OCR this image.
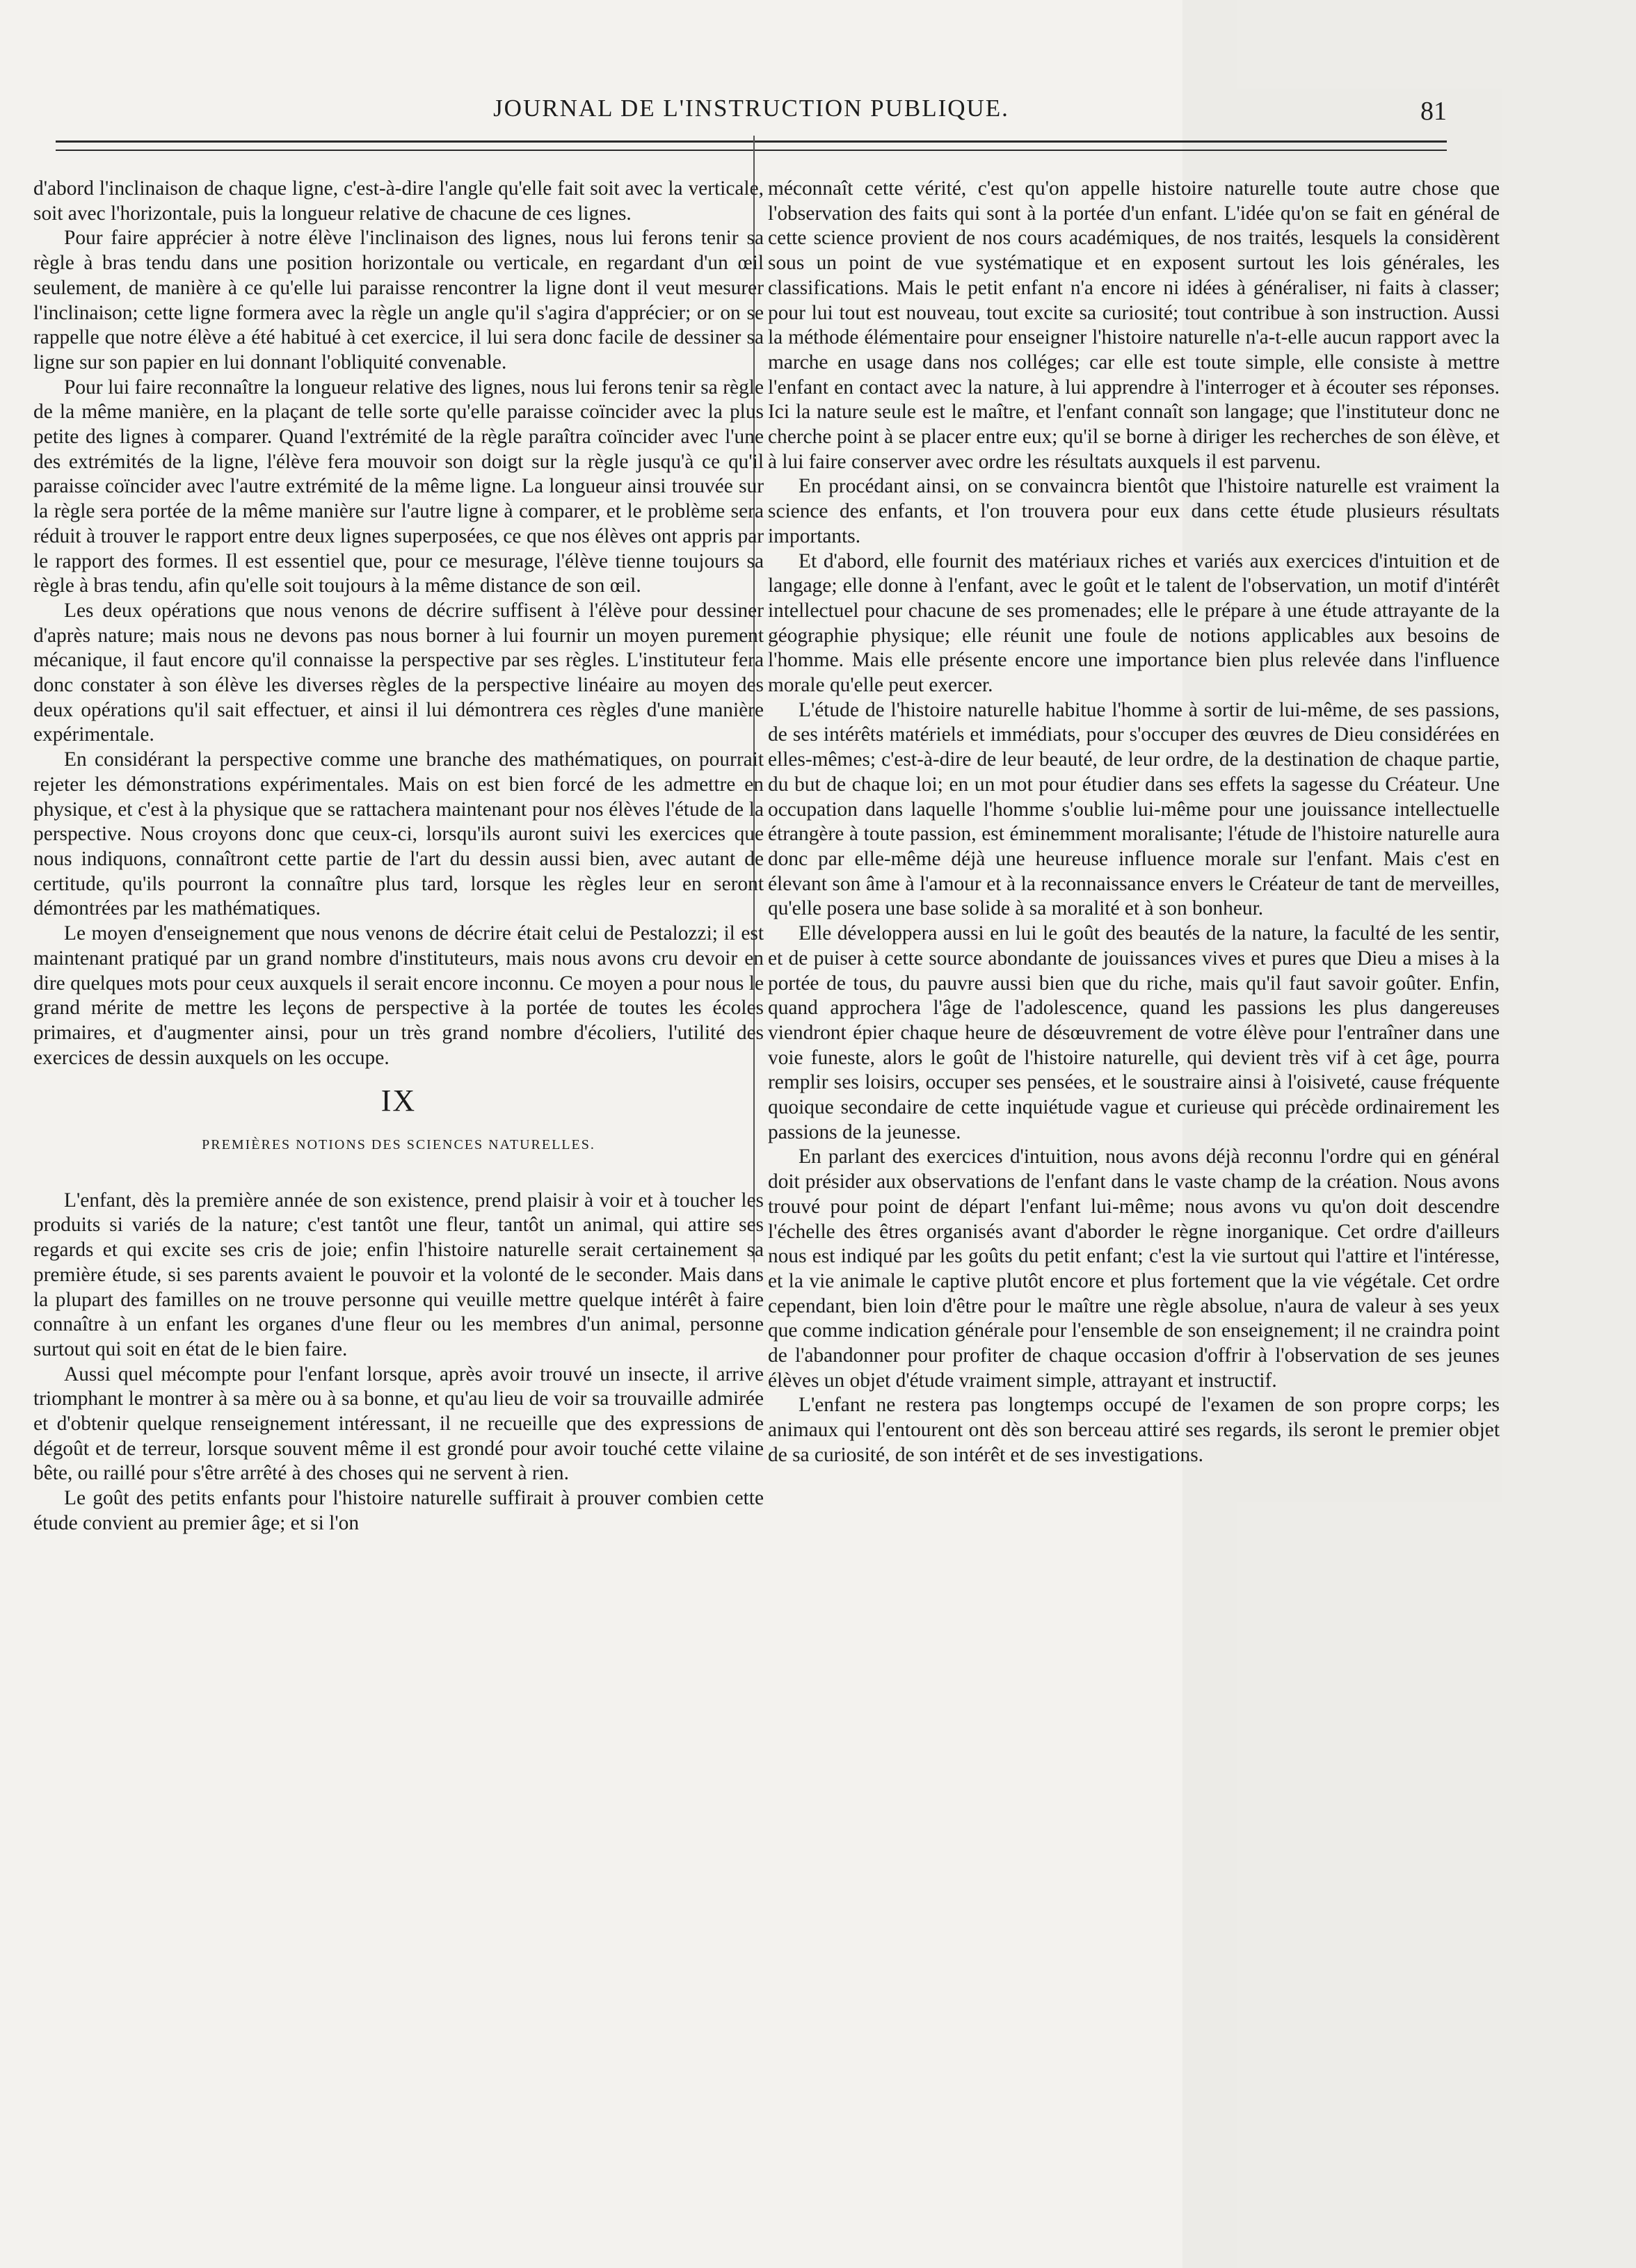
JOURNAL DE L'INSTRUCTION PUBLIQUE.	81

d'abord l'inclinaison de chaque ligne, c'est-à-dire l'angle qu'elle fait soit avec la verticale, soit avec l'horizontale, puis la longueur relative de chacune de ces lignes.

Pour faire apprécier à notre élève l'inclinaison des lignes, nous lui ferons tenir sa règle à bras tendu dans une position horizontale ou verticale, en regardant d'un œil seulement, de manière à ce qu'elle lui paraisse rencontrer la ligne dont il veut mesurer l'inclinaison; cette ligne formera avec la règle un angle qu'il s'agira d'apprécier; or on se rappelle que notre élève a été habitué à cet exercice, il lui sera donc facile de dessiner sa ligne sur son papier en lui donnant l'obliquité convenable.

Pour lui faire reconnaître la longueur relative des lignes, nous lui ferons tenir sa règle de la même manière, en la plaçant de telle sorte qu'elle paraisse coïncider avec la plus petite des lignes à comparer. Quand l'extrémité de la règle paraîtra coïncider avec l'une des extrémités de la ligne, l'élève fera mouvoir son doigt sur la règle jusqu'à ce qu'il paraisse coïncider avec l'autre extrémité de la même ligne. La longueur ainsi trouvée sur la règle sera portée de la même manière sur l'autre ligne à comparer, et le problème sera réduit à trouver le rapport entre deux lignes superposées, ce que nos élèves ont appris par le rapport des formes. Il est essentiel que, pour ce mesurage, l'élève tienne toujours sa règle à bras tendu, afin qu'elle soit toujours à la même distance de son œil.

Les deux opérations que nous venons de décrire suffisent à l'élève pour dessiner d'après nature; mais nous ne devons pas nous borner à lui fournir un moyen purement mécanique, il faut encore qu'il connaisse la perspective par ses règles. L'instituteur fera donc constater à son élève les diverses règles de la perspective linéaire au moyen des deux opérations qu'il sait effectuer, et ainsi il lui démontrera ces règles d'une manière expérimentale.

En considérant la perspective comme une branche des mathématiques, on pourrait rejeter les démonstrations expérimentales. Mais on est bien forcé de les admettre en physique, et c'est à la physique que se rattachera maintenant pour nos élèves l'étude de la perspective. Nous croyons donc que ceux-ci, lorsqu'ils auront suivi les exercices que nous indiquons, connaîtront cette partie de l'art du dessin aussi bien, avec autant de certitude, qu'ils pourront la connaître plus tard, lorsque les règles leur en seront démontrées par les mathématiques.

Le moyen d'enseignement que nous venons de décrire était celui de Pestalozzi; il est maintenant pratiqué par un grand nombre d'instituteurs, mais nous avons cru devoir en dire quelques mots pour ceux auxquels il serait encore inconnu. Ce moyen a pour nous le grand mérite de mettre les leçons de perspective à la portée de toutes les écoles primaires, et d'augmenter ainsi, pour un très grand nombre d'écoliers, l'utilité des exercices de dessin auxquels on les occupe.

IX
PREMIÈRES NOTIONS DES SCIENCES NATURELLES.

L'enfant, dès la première année de son existence, prend plaisir à voir et à toucher les produits si variés de la nature; c'est tantôt une fleur, tantôt un animal, qui attire ses regards et qui excite ses cris de joie; enfin l'histoire naturelle serait certainement sa première étude, si ses parents avaient le pouvoir et la volonté de le seconder. Mais dans la plupart des familles on ne trouve personne qui veuille mettre quelque intérêt à faire connaître à un enfant les organes d'une fleur ou les membres d'un animal, personne surtout qui soit en état de le bien faire.

Aussi quel mécompte pour l'enfant lorsque, après avoir trouvé un insecte, il arrive triomphant le montrer à sa mère ou à sa bonne, et qu'au lieu de voir sa trouvaille admirée et d'obtenir quelque renseignement intéressant, il ne recueille que des expressions de dégoût et de terreur, lorsque souvent même il est grondé pour avoir touché cette vilaine bête, ou raillé pour s'être arrêté à des choses qui ne servent à rien.

Le goût des petits enfants pour l'histoire naturelle suffirait à prouver combien cette étude convient au premier âge; et si l'on

méconnaît cette vérité, c'est qu'on appelle histoire naturelle toute autre chose que l'observation des faits qui sont à la portée d'un enfant. L'idée qu'on se fait en général de cette science provient de nos cours académiques, de nos traités, lesquels la considèrent sous un point de vue systématique et en exposent surtout les lois générales, les classifications. Mais le petit enfant n'a encore ni idées à généraliser, ni faits à classer; pour lui tout est nouveau, tout excite sa curiosité; tout contribue à son instruction. Aussi la méthode élémentaire pour enseigner l'histoire naturelle n'a-t-elle aucun rapport avec la marche en usage dans nos colléges; car elle est toute simple, elle consiste à mettre l'enfant en contact avec la nature, à lui apprendre à l'interroger et à écouter ses réponses. Ici la nature seule est le maître, et l'enfant connaît son langage; que l'instituteur donc ne cherche point à se placer entre eux; qu'il se borne à diriger les recherches de son élève, et à lui faire conserver avec ordre les résultats auxquels il est parvenu.

En procédant ainsi, on se convaincra bientôt que l'histoire naturelle est vraiment la science des enfants, et l'on trouvera pour eux dans cette étude plusieurs résultats importants.

Et d'abord, elle fournit des matériaux riches et variés aux exercices d'intuition et de langage; elle donne à l'enfant, avec le goût et le talent de l'observation, un motif d'intérêt intellectuel pour chacune de ses promenades; elle le prépare à une étude attrayante de la géographie physique; elle réunit une foule de notions applicables aux besoins de l'homme. Mais elle présente encore une importance bien plus relevée dans l'influence morale qu'elle peut exercer.

L'étude de l'histoire naturelle habitue l'homme à sortir de lui-même, de ses passions, de ses intérêts matériels et immédiats, pour s'occuper des œuvres de Dieu considérées en elles-mêmes; c'est-à-dire de leur beauté, de leur ordre, de la destination de chaque partie, du but de chaque loi; en un mot pour étudier dans ses effets la sagesse du Créateur. Une occupation dans laquelle l'homme s'oublie lui-même pour une jouissance intellectuelle étrangère à toute passion, est éminemment moralisante; l'étude de l'histoire naturelle aura donc par elle-même déjà une heureuse influence morale sur l'enfant. Mais c'est en élevant son âme à l'amour et à la reconnaissance envers le Créateur de tant de merveilles, qu'elle posera une base solide à sa moralité et à son bonheur.

Elle développera aussi en lui le goût des beautés de la nature, la faculté de les sentir, et de puiser à cette source abondante de jouissances vives et pures que Dieu a mises à la portée de tous, du pauvre aussi bien que du riche, mais qu'il faut savoir goûter. Enfin, quand approchera l'âge de l'adolescence, quand les passions les plus dangereuses viendront épier chaque heure de désœuvrement de votre élève pour l'entraîner dans une voie funeste, alors le goût de l'histoire naturelle, qui devient très vif à cet âge, pourra remplir ses loisirs, occuper ses pensées, et le soustraire ainsi à l'oisiveté, cause fréquente quoique secondaire de cette inquiétude vague et curieuse qui précède ordinairement les passions de la jeunesse.

En parlant des exercices d'intuition, nous avons déjà reconnu l'ordre qui en général doit présider aux observations de l'enfant dans le vaste champ de la création. Nous avons trouvé pour point de départ l'enfant lui-même; nous avons vu qu'on doit descendre l'échelle des êtres organisés avant d'aborder le règne inorganique. Cet ordre d'ailleurs nous est indiqué par les goûts du petit enfant; c'est la vie surtout qui l'attire et l'intéresse, et la vie animale le captive plutôt encore et plus fortement que la vie végétale. Cet ordre cependant, bien loin d'être pour le maître une règle absolue, n'aura de valeur à ses yeux que comme indication générale pour l'ensemble de son enseignement; il ne craindra point de l'abandonner pour profiter de chaque occasion d'offrir à l'observation de ses jeunes élèves un objet d'étude vraiment simple, attrayant et instructif.

L'enfant ne restera pas longtemps occupé de l'examen de son propre corps; les animaux qui l'entourent ont dès son berceau attiré ses regards, ils seront le premier objet de sa curiosité, de son intérêt et de ses investigations.
